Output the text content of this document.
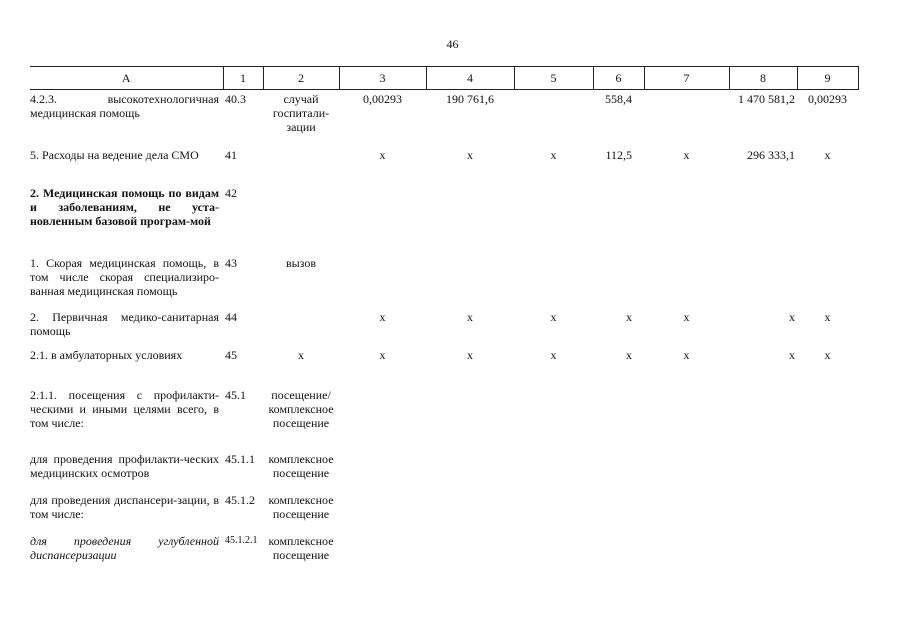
46
A	1	2	3	4	5	6	7	8	9
4.2.3. высокотехнологичная медицинская помощь	40.3	случай госпитали-зации	0,00293	190 761,6		558,4		1 470 581,2	0,00293
5. Расходы на ведение дела СМО	41		x	x	x	112,5	x	296 333,1	x
2. Медицинская помощь по видам и заболеваниям, не уста-новленным базовой програм-мой	42								
1. Скорая медицинская помощь, в том числе скорая специализиро-ванная медицинская помощь	43	вызов							
2. Первичная медико-санитарная помощь	44		x	x	x	x	x	x	x
2.1. в амбулаторных условиях	45	x	x	x	x	x	x	x	x
2.1.1. посещения с профилакти-ческими и иными целями всего, в том числе:	45.1	посещение/ комплексное посещение							
для проведения профилакти-ческих медицинских осмотров	45.1.1	комплексное посещение							
для проведения диспансери-зации, в том числе:	45.1.2	комплексное посещение							
для проведения углубленной диспансеризации	45.1.2.1	комплексное посещение							
